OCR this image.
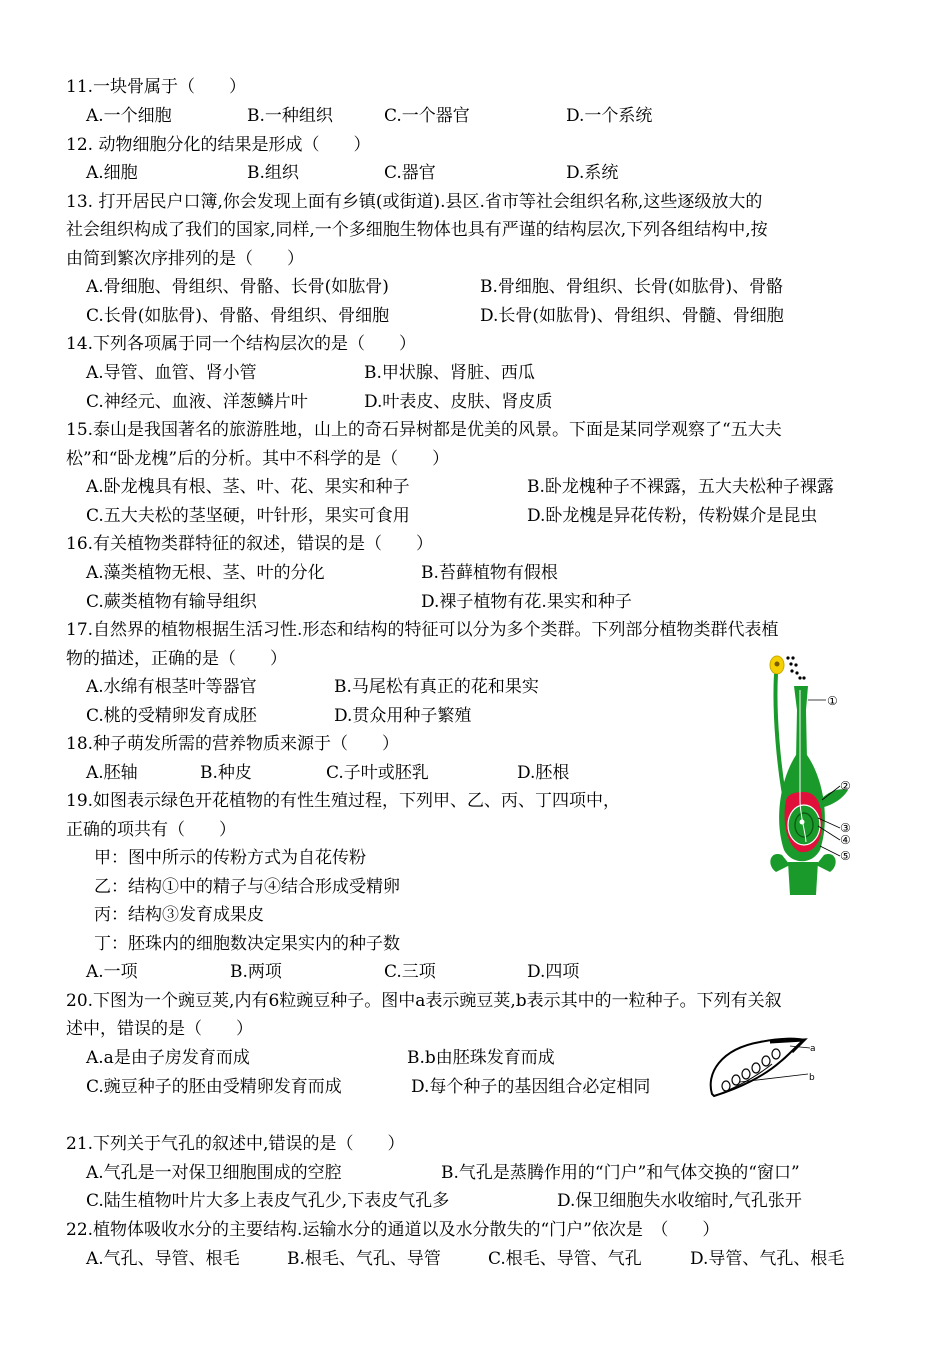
11.一块骨属于（　　）
A.一个细胞	B.一种组织	C.一个器官	D.一个系统
12. 动物细胞分化的结果是形成（　　）
A.细胞	B.组织	C.器官	D.系统
13. 打开居民户口簿,你会发现上面有乡镇(或街道).县区.省市等社会组织名称,这些逐级放大的
社会组织构成了我们的国家,同样,一个多细胞生物体也具有严谨的结构层次,下列各组结构中,按
由简到繁次序排列的是（　　）
A.骨细胞、骨组织、骨骼、长骨(如肱骨)	B.骨细胞、骨组织、长骨(如肱骨)、骨骼
C.长骨(如肱骨)、骨骼、骨组织、骨细胞	D.长骨(如肱骨)、骨组织、骨髓、骨细胞
14.下列各项属于同一个结构层次的是（　　）
A.导管、血管、肾小管	B.甲状腺、肾脏、西瓜
C.神经元、血液、洋葱鳞片叶	D.叶表皮、皮肤、肾皮质
15.泰山是我国著名的旅游胜地，山上的奇石异树都是优美的风景。下面是某同学观察了“五大夫
松”和“卧龙槐”后的分析。其中不科学的是（　　）
A.卧龙槐具有根、茎、叶、花、果实和种子	B.卧龙槐种子不裸露，五大夫松种子裸露
C.五大夫松的茎坚硬，叶针形，果实可食用	D.卧龙槐是异花传粉，传粉媒介是昆虫
16.有关植物类群特征的叙述，错误的是（　　）
A.藻类植物无根、茎、叶的分化	B.苔藓植物有假根
C.蕨类植物有输导组织	D.裸子植物有花.果实和种子
17.自然界的植物根据生活习性.形态和结构的特征可以分为多个类群。下列部分植物类群代表植
物的描述，正确的是（　　）
A.水绵有根茎叶等器官	B.马尾松有真正的花和果实
C.桃的受精卵发育成胚	D.贯众用种子繁殖
18.种子萌发所需的营养物质来源于（　　）
A.胚轴	B.种皮	C.子叶或胚乳	D.胚根
19.如图表示绿色开花植物的有性生殖过程，下列甲、乙、丙、丁四项中，
正确的项共有（　　）
甲：图中所示的传粉方式为自花传粉
乙：结构①中的精子与④结合形成受精卵
丙：结构③发育成果皮
丁：胚珠内的细胞数决定果实内的种子数
A.一项	B.两项	C.三项	D.四项
20.下图为一个豌豆荚,内有6粒豌豆种子。图中a表示豌豆荚,b表示其中的一粒种子。下列有关叙
述中，错误的是（　　）
A.a是由子房发育而成	B.b由胚珠发育而成
C.豌豆种子的胚由受精卵发育而成	D.每个种子的基因组合必定相同
21.下列关于气孔的叙述中,错误的是（　　）
A.气孔是一对保卫细胞围成的空腔	B.气孔是蒸腾作用的“门户”和气体交换的“窗口”
C.陆生植物叶片大多上表皮气孔少,下表皮气孔多	D.保卫细胞失水收缩时,气孔张开
22.植物体吸收水分的主要结构.运输水分的通道以及水分散失的“门户”依次是　（　　）
A.气孔、导管、根毛	B.根毛、气孔、导管	C.根毛、导管、气孔	D.导管、气孔、根毛
①
②
③
④
⑤
a
b
